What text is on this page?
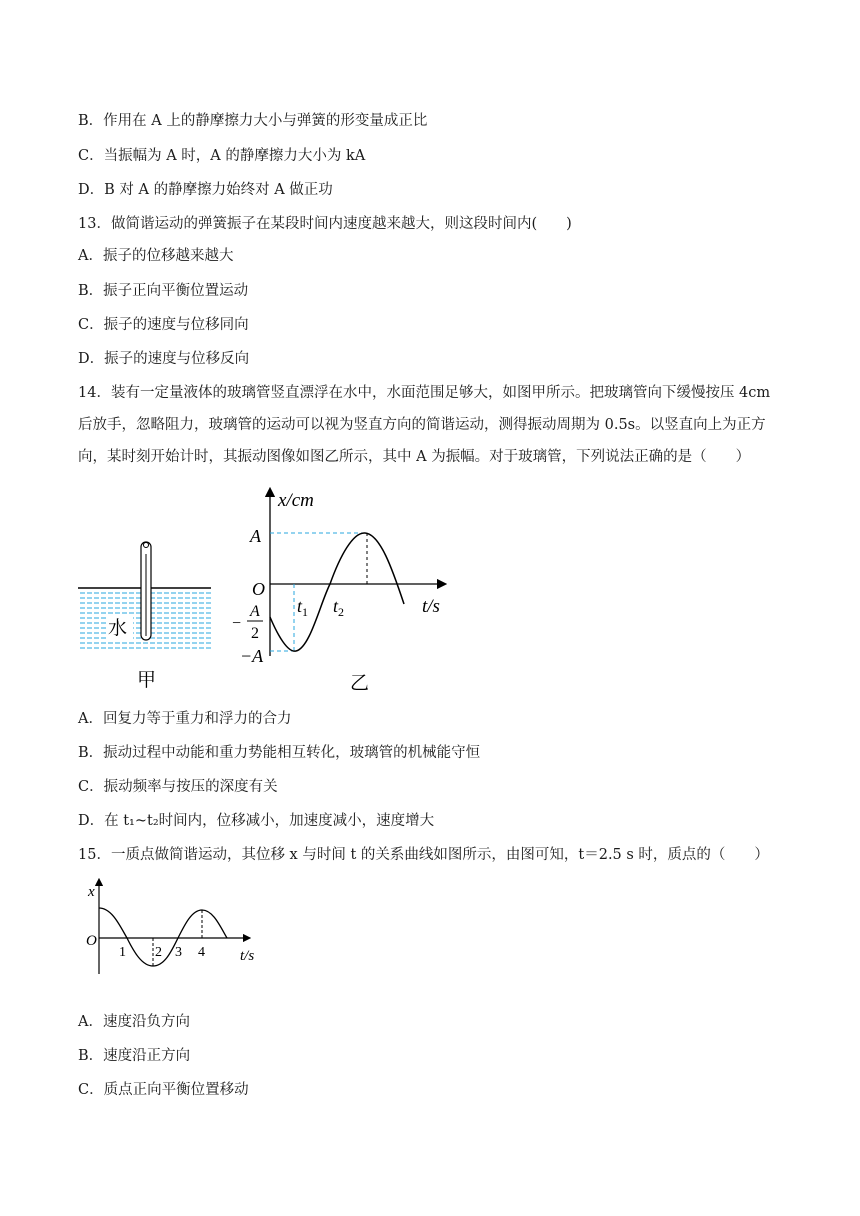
B．作用在 A 上的静摩擦力大小与弹簧的形变量成正比
C．当振幅为 A 时，A 的静摩擦力大小为 kA
D．B 对 A 的静摩擦力始终对 A 做正功
13．做简谐运动的弹簧振子在某段时间内速度越来越大，则这段时间内(　　)
A．振子的位移越来越大
B．振子正向平衡位置运动
C．振子的速度与位移同向
D．振子的速度与位移反向
14．装有一定量液体的玻璃管竖直漂浮在水中，水面范围足够大，如图甲所示。把玻璃管向下缓慢按压 4cm
后放手，忽略阻力，玻璃管的运动可以视为竖直方向的简谐运动，测得振动周期为 0.5s。以竖直向上为正方
向，某时刻开始计时，其振动图像如图乙所示，其中 A 为振幅。对于玻璃管，下列说法正确的是（　　）
水
甲
x/cm
A
O
−
A
2
−A
$t_1$ $t_2$	t/s
乙
A．回复力等于重力和浮力的合力
B．振动过程中动能和重力势能相互转化，玻璃管的机械能守恒
C．振动频率与按压的深度有关
D．在 t₁~t₂时间内，位移减小，加速度减小，速度增大
15．一质点做简谐运动，其位移 x 与时间 t 的关系曲线如图所示，由图可知，t＝2.5 s 时，质点的（　　）
x
O
1 2 3 4 t/s
A．速度沿负方向
B．速度沿正方向
C．质点正向平衡位置移动
